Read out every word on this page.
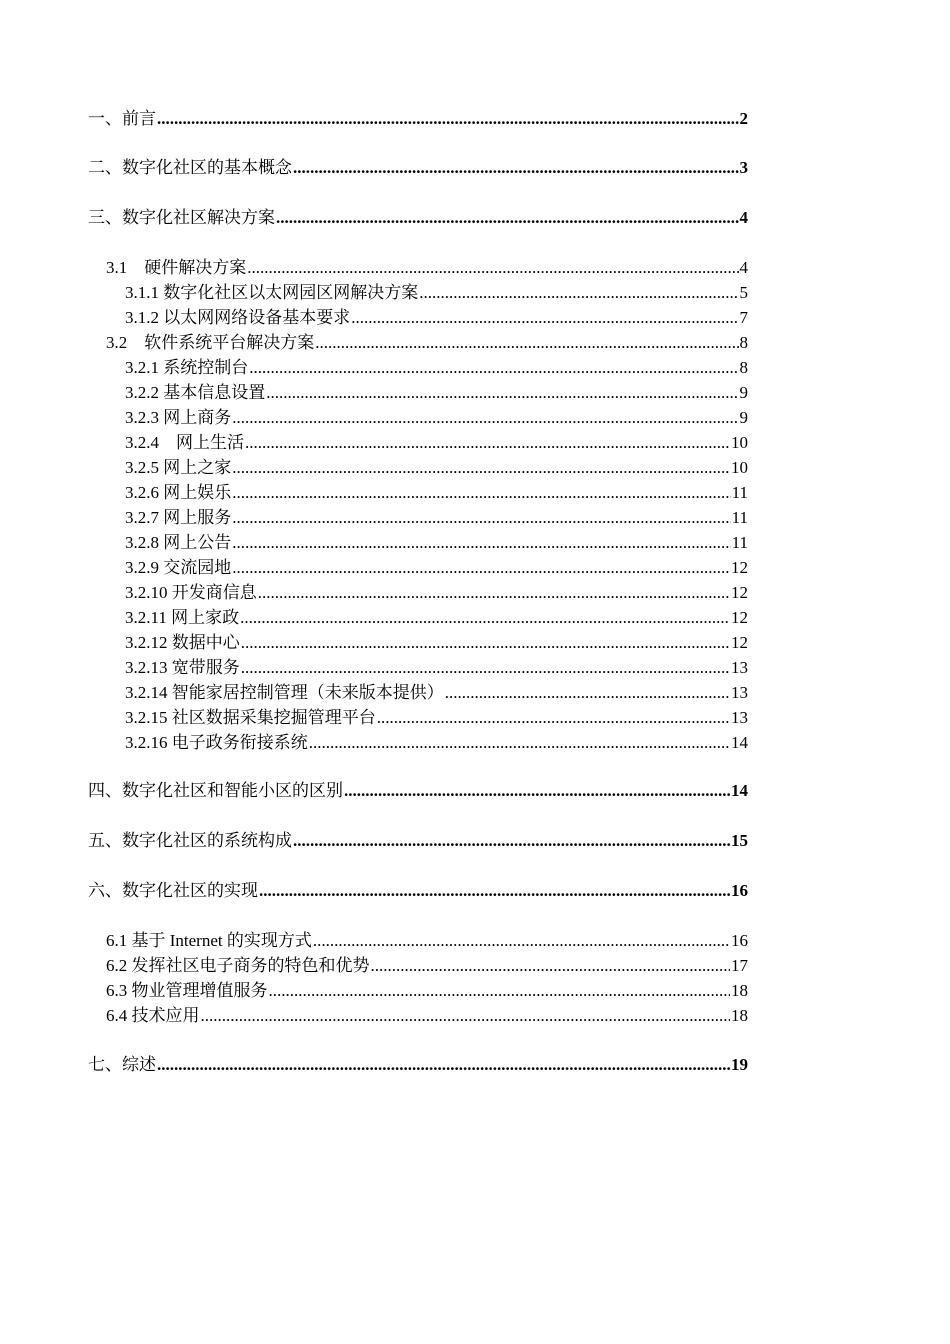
一、前言 .....	2
二、数字化社区的基本概念 .....	3
三、数字化社区解决方案 .....	4
3.1　硬件解决方案 .....	4
3.1.1 数字化社区以太网园区网解决方案 .....	5
3.1.2 以太网网络设备基本要求 .....	7
3.2　软件系统平台解决方案 .....	8
3.2.1 系统控制台 .....	8
3.2.2 基本信息设置 .....	9
3.2.3 网上商务 .....	9
3.2.4　网上生活 .....	10
3.2.5 网上之家 .....	10
3.2.6 网上娱乐 .....	11
3.2.7 网上服务 .....	11
3.2.8 网上公告 .....	11
3.2.9 交流园地 .....	12
3.2.10 开发商信息 .....	12
3.2.11 网上家政 .....	12
3.2.12 数据中心 .....	12
3.2.13 宽带服务 .....	13
3.2.14 智能家居控制管理（未来版本提供） .....	13
3.2.15 社区数据采集挖掘管理平台 .....	13
3.2.16 电子政务衔接系统 .....	14
四、数字化社区和智能小区的区别 .....	14
五、数字化社区的系统构成 .....	15
六、数字化社区的实现 .....	16
6.1 基于 Internet 的实现方式 .....	16
6.2 发挥社区电子商务的特色和优势 .....	17
6.3 物业管理增值服务 .....	18
6.4 技术应用 .....	18
七、综述 .....	19
